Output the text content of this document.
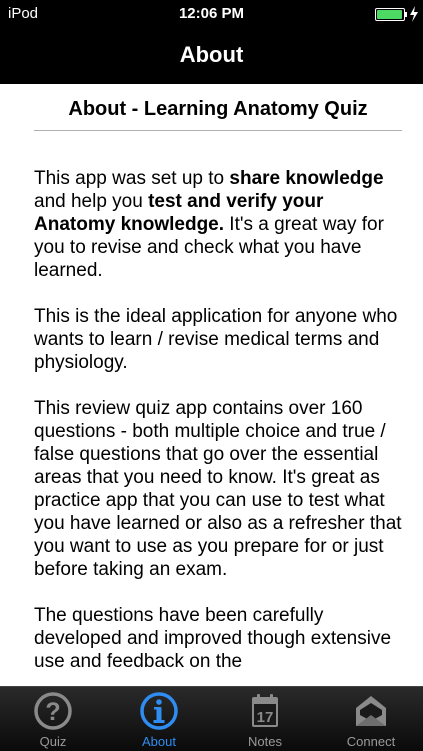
iPod	12:06 PM
About
About - Learning Anatomy Quiz

This app was set up to share knowledge and help you test and verify your Anatomy knowledge. It's a great way for you to revise and check what you have learned.

This is the ideal application for anyone who wants to learn / revise medical terms and physiology.

This review quiz app contains over 160 questions - both multiple choice and true / false questions that go over the essential areas that you need to know. It's great as practice app that you can use to test what you have learned or also as a refresher that you want to use as you prepare for or just before taking an exam.

The questions have been carefully developed and improved though extensive use and feedback on the

?
Quiz	About
17
Notes	Connect
